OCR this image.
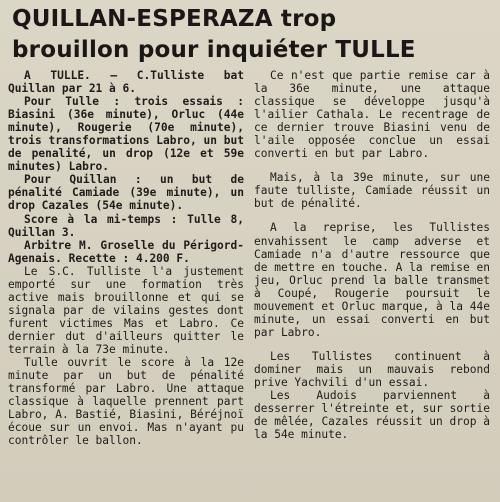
QUILLAN-ESPERAZA trop
brouillon pour inquiéter TULLE

A TULLE. — C.Tulliste bat Quillan par 21 à 6.

Pour Tulle : trois essais : Biasini (36e minute), Orluc (44e minute), Rougerie (70e minute), trois transformations Labro, un but de penalité, un drop (12e et 59e minutes) Labro.

Pour Quillan : un but de pénalité Camiade (39e minute), un drop Cazales (54e minute).

Score à la mi-temps : Tulle 8, Quillan 3.

Arbitre M. Groselle du Périgord-Agenais. Recette : 4.200 F.

Le S.C. Tulliste l'a justement emporté sur une formation très active mais brouillonne et qui se signala par de vilains gestes dont furent victimes Mas et Labro. Ce dernier dut d'ailleurs quitter le terrain à la 73e minute.

Tulle ouvrit le score à la 12e minute par un but de pénalité transformé par Labro. Une attaque classique à laquelle prennent part Labro, A. Bastié, Biasini, Béréjnoï écoue sur un envoi. Mas n'ayant pu contrôler le ballon.

Ce n'est que partie remise car à la 36e minute, une attaque classique se développe jusqu'à l'ailier Cathala. Le recentrage de ce dernier trouve Biasini venu de l'aile opposée conclue un essai converti en but par Labro.

Mais, à la 39e minute, sur une faute tulliste, Camiade réussit un but de pénalité.

A la reprise, les Tullistes envahissent le camp adverse et Camiade n'a d'autre ressource que de mettre en touche. A la remise en jeu, Orluc prend la balle transmet à Coupé, Rougerie poursuit le mouvement et Orluc marque, à la 44e minute, un essai converti en but par Labro.

Les Tullistes continuent à dominer mais un mauvais rebond prive Yachvili d'un essai.

Les Audois parviennent à desserrer l'étreinte et, sur sortie de mêlée, Cazales réussit un drop à la 54e minute.
